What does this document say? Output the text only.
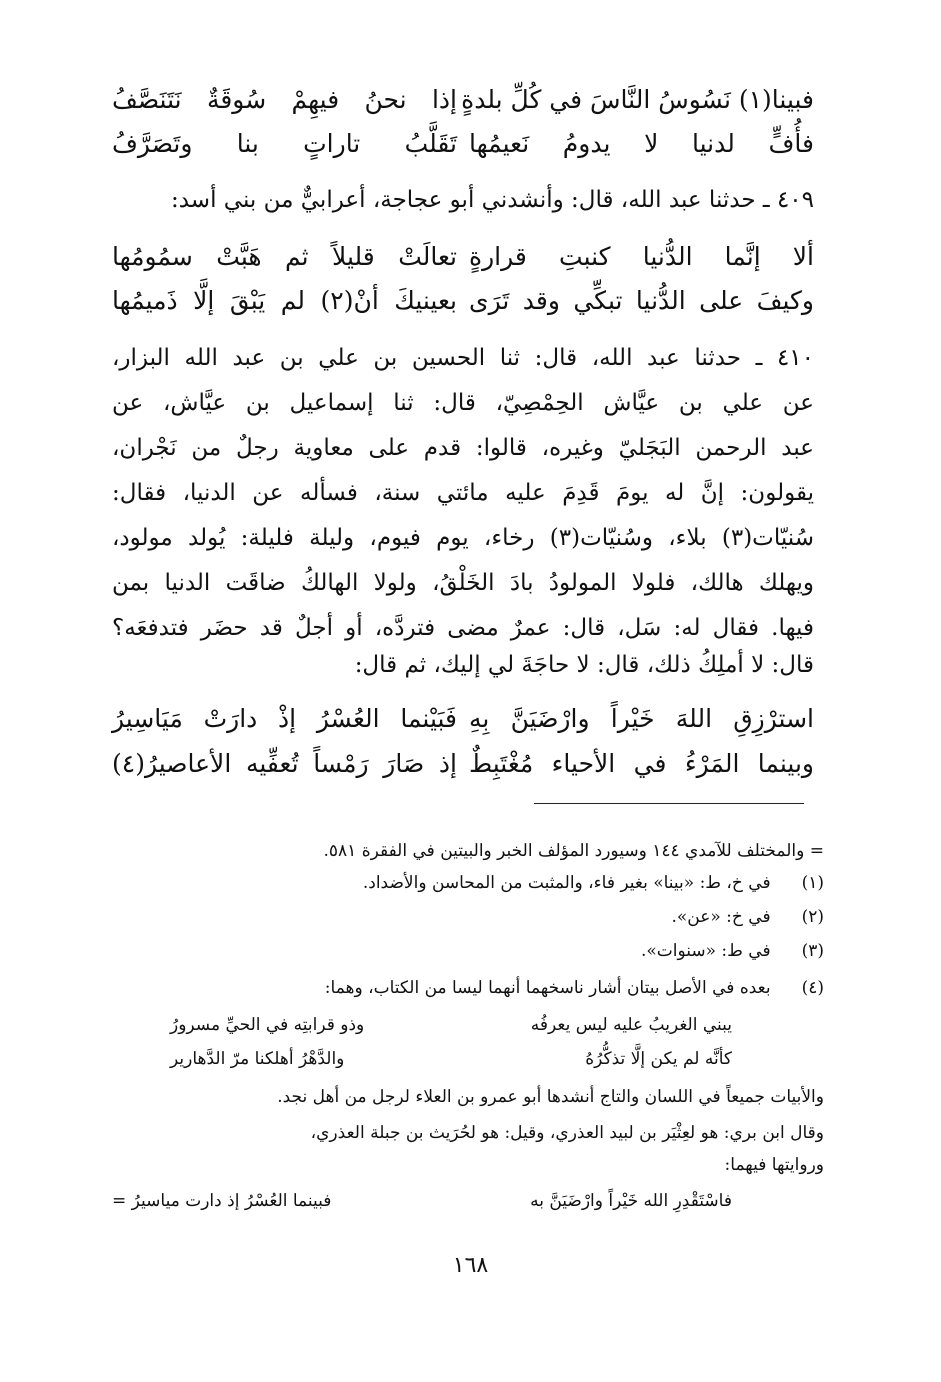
فبينا(١) نَسُوسُ النَّاسَ في كُلِّ بلدةٍ
إذا نحنُ فيهِمْ سُوقَةٌ نَتَنَصَّفُ
فأُفٍّ لدنيا لا يدومُ نَعيمُها
تَقَلَّبُ تاراتٍ بنا وتَصَرَّفُ
٤٠٩ ـ حدثنا عبد الله، قال: وأنشدني أبو عجاجة، أعرابيٌّ من بني أسد:
ألا إنَّما الدُّنيا كنبتِ قرارةٍ
تعالَتْ قليلاً ثم هَبَّتْ سمُومُها
وكيفَ على الدُّنيا تبكِّي وقد تَرَى
بعينيكَ أنْ(٢) لم يَبْقَ إلَّا ذَميمُها
٤١٠ ـ حدثنا عبد الله، قال: ثنا الحسين بن علي بن عبد الله البزار،
عن علي بن عيَّاش الحِمْصِيّ، قال: ثنا إسماعيل بن عيَّاش، عن
عبد الرحمن البَجَليّ وغيره، قالوا: قدم على معاوية رجلٌ من نَجْران،
يقولون: إنَّ له يومَ قَدِمَ عليه مائتي سنة، فسأله عن الدنيا، فقال:
سُنيّات(٣) بلاء، وسُنيّات(٣) رخاء، يوم فيوم، وليلة فليلة: يُولد مولود،
ويهلك هالك، فلولا المولودُ بادَ الخَلْقُ، ولولا الهالكُ ضاقَت الدنيا بمن
فيها. فقال له: سَل، قال: عمرٌ مضى فتردَّه، أو أجلٌ قد حضَر فتدفعَه؟
قال: لا أملِكُ ذلك، قال: لا حاجَةَ لي إليك، ثم قال:
استرْزِقِ اللهَ خَيْراً وارْضَيَنَّ بِهِ
فَبَيْنما العُسْرُ إذْ دارَتْ مَيَاسِيرُ
وبينما المَرْءُ في الأحياء مُغْتَبِطٌ
إذ صَارَ رَمْساً تُعفِّيه الأعاصيرُ(٤)
= والمختلف للآمدي ١٤٤ وسيورد المؤلف الخبر والبيتين في الفقرة ٥٨١.
(١) في خ، ط: «بينا» بغير فاء، والمثبت من المحاسن والأضداد.
(٢) في خ: «عن».
(٣) في ط: «سنوات».
(٤) بعده في الأصل بيتان أشار ناسخهما أنهما ليسا من الكتاب، وهما:
يبني الغريبُ عليه ليس يعرفُه
وذو قرابتِه في الحيِّ مسرورُ
كأنَّه لم يكن إلَّا تذكُّرُهُ
والدَّهْرُ أهلكنا مرّ الدَّهارير
والأبيات جميعاً في اللسان والتاج أنشدها أبو عمرو بن العلاء لرجل من أهل نجد.
وقال ابن بري: هو لعِثْيَر بن لبيد العذري، وقيل: هو لحُرَيث بن جبلة العذري،
وروايتها فيهما:
فاسْتَقْدِرِ الله خَيْراً وارْضَيَنَّ به
فبينما العُسْرُ إذ دارت مياسيرُ =
١٦٨
